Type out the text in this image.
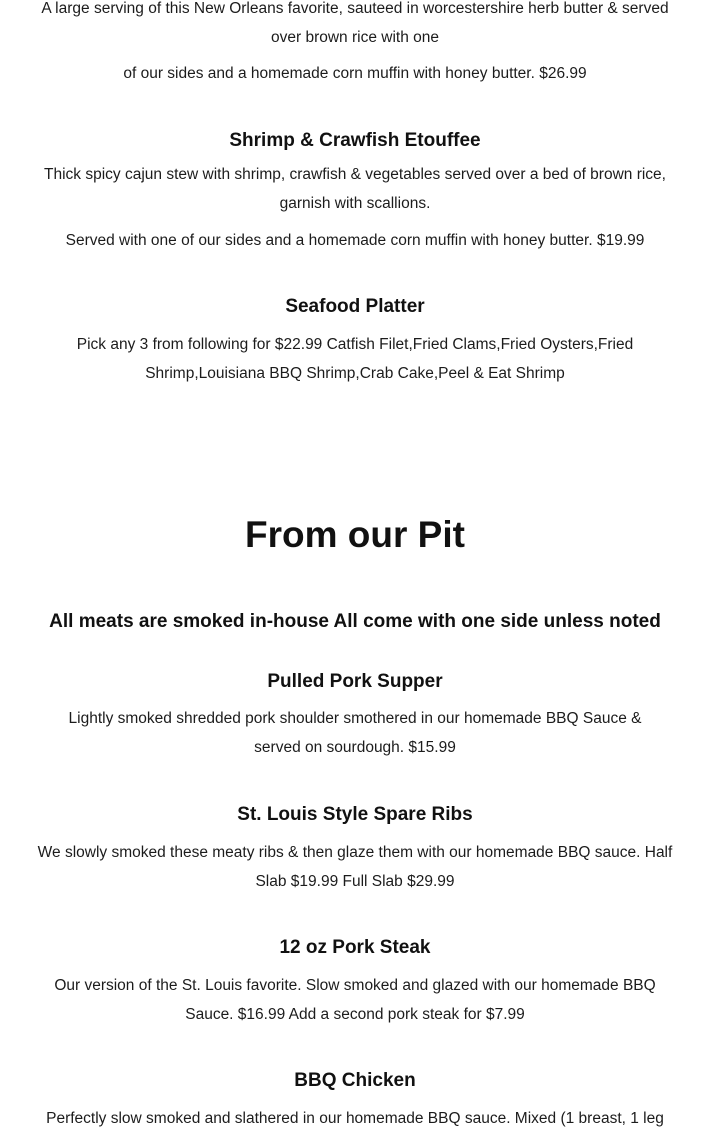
A large serving of this New Orleans favorite, sauteed in worcestershire herb butter & served over brown rice with one

of our sides and a homemade corn muffin with honey butter. $26.99

Shrimp & Crawfish Etouffee

Thick spicy cajun stew with shrimp, crawfish & vegetables served over a bed of brown rice, garnish with scallions.

Served with one of our sides and a homemade corn muffin with honey butter. $19.99

Seafood Platter

Pick any 3 from following for $22.99 Catfish Filet,Fried Clams,Fried Oysters,Fried Shrimp,Louisiana BBQ Shrimp,Crab Cake,Peel & Eat Shrimp

From our Pit
All meats are smoked in-house All come with one side unless noted
Pulled Pork Supper

Lightly smoked shredded pork shoulder smothered in our homemade BBQ Sauce & served on sourdough. $15.99

St. Louis Style Spare Ribs

We slowly smoked these meaty ribs & then glaze them with our homemade BBQ sauce. Half Slab $19.99 Full Slab $29.99

12 oz Pork Steak

Our version of the St. Louis favorite. Slow smoked and glazed with our homemade BBQ Sauce. $16.99 Add a second pork steak for $7.99

BBQ Chicken

Perfectly slow smoked and slathered in our homemade BBQ sauce. Mixed (1 breast, 1 leg
